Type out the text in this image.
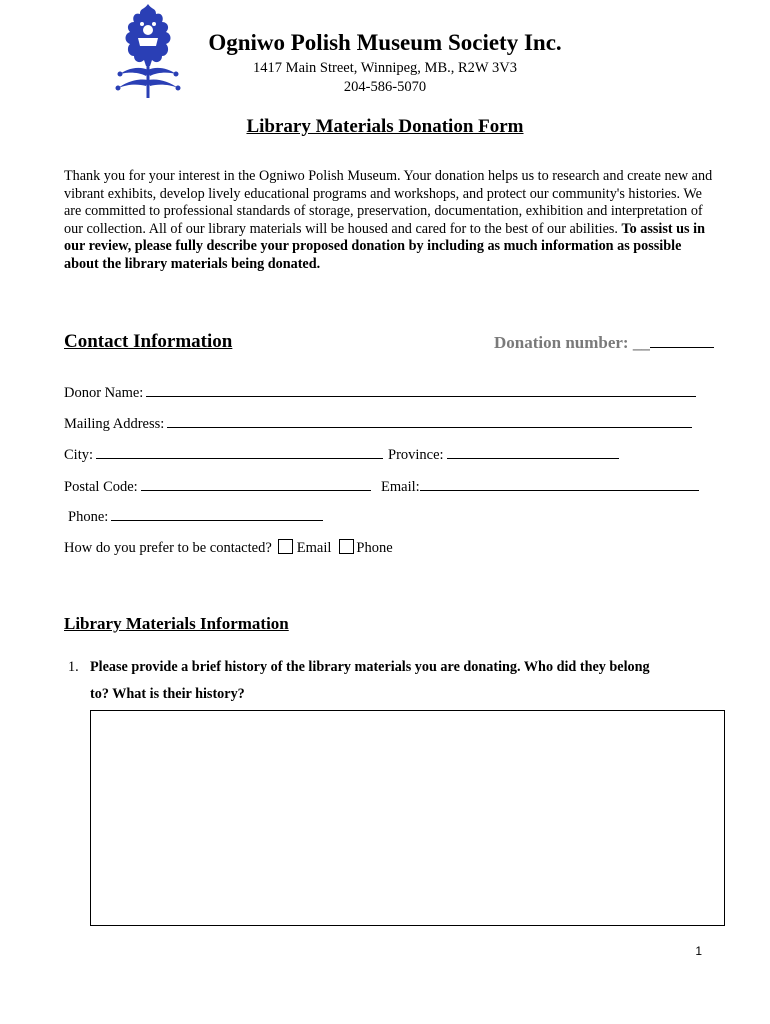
Ogniwo Polish Museum Society Inc.
1417 Main Street, Winnipeg, MB., R2W 3V3
204-586-5070
Library Materials Donation Form
Thank you for your interest in the Ogniwo Polish Museum. Your donation helps us to research and create new and vibrant exhibits, develop lively educational programs and workshops, and protect our community's histories. We are committed to professional standards of storage, preservation, documentation, exhibition and interpretation of our collection. All of our library materials will be housed and cared for to the best of our abilities. To assist us in our review, please fully describe your proposed donation by including as much information as possible about the library materials being donated.
Contact Information	Donation number: __
Donor Name:
Mailing Address:
City:	Province:
Postal Code:	Email:
Phone:
How do you prefer to be contacted? Email Phone
Library Materials Information
1. Please provide a brief history of the library materials you are donating. Who did they belong
to? What is their history?
1
